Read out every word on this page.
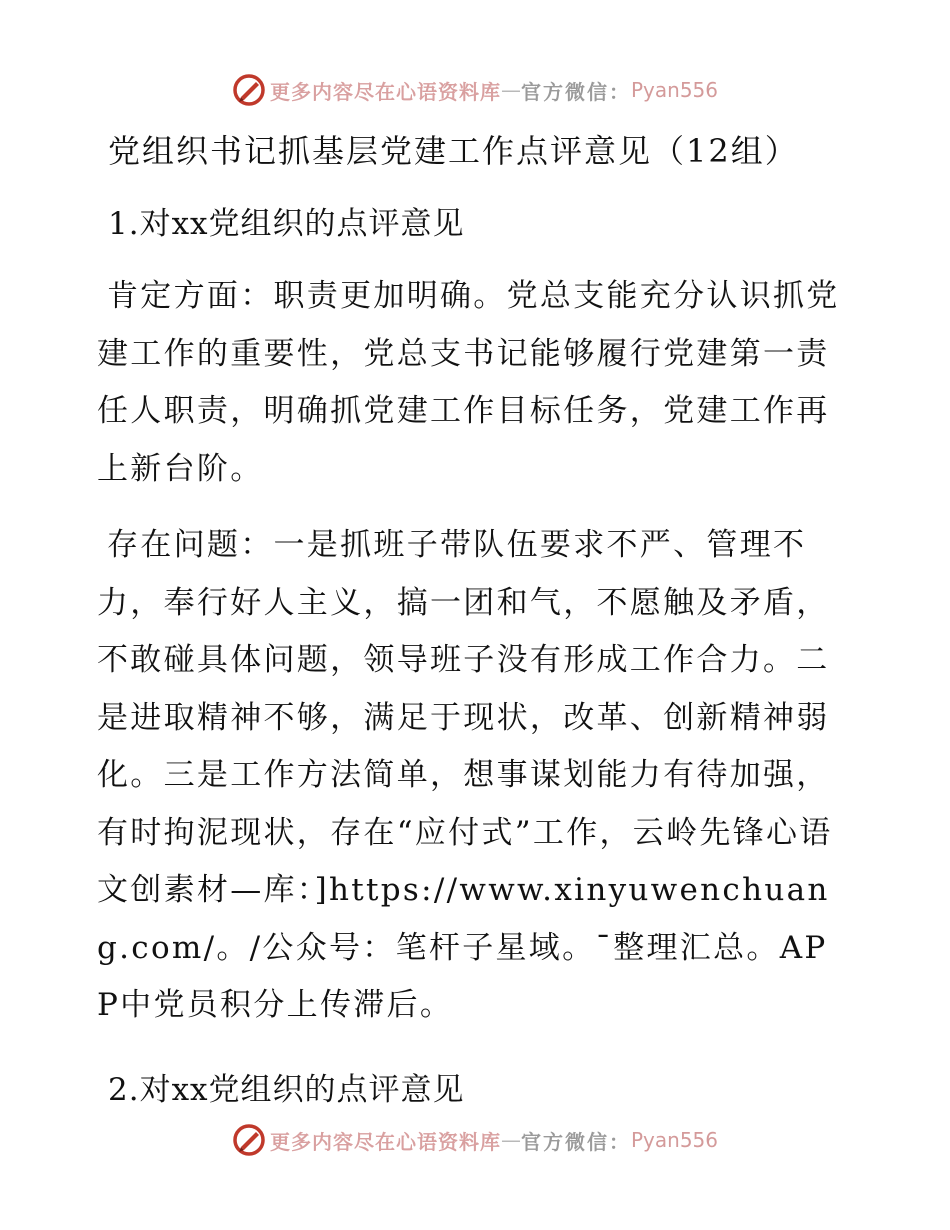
更多内容尽在心语资料库 — 官方微信： Pyan556
党组织书记抓基层党建工作点评意见（12组）
1.对xx党组织的点评意见

肯定方面：职责更加明确。党总支能充分认识抓党建工作的重要性，党总支书记能够履行党建第一责任人职责，明确抓党建工作目标任务，党建工作再上新台阶。

存在问题：一是抓班子带队伍要求不严、管理不力，奉行好人主义，搞一团和气，不愿触及矛盾，不敢碰具体问题，领导班子没有形成工作合力。二是进取精神不够，满足于现状，改革、创新精神弱化。三是工作方法简单，想事谋划能力有待加强，有时拘泥现状，存在“应付式”工作，云岭先锋心语文创素材—库：]https://www.xinyuwenchuang.com/。/公众号：笔杆子星域。¯整理汇总。APP中党员积分上传滞后。

2.对xx党组织的点评意见
更多内容尽在心语资料库 — 官方微信： Pyan556
